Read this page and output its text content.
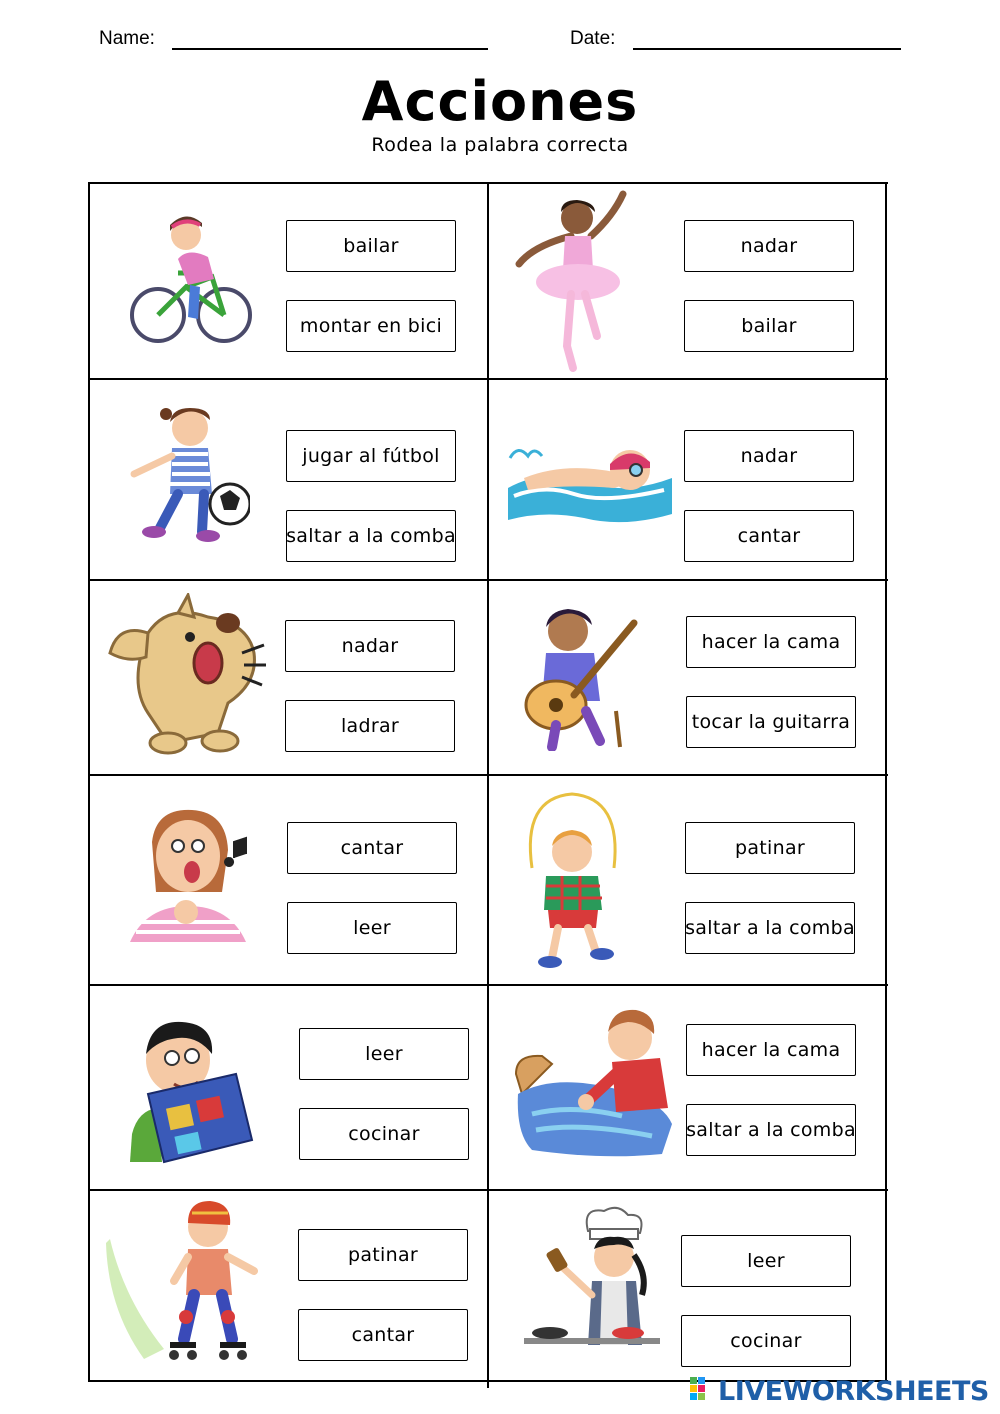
Name:	Date:
Acciones
Rodea la palabra correcta
bailar
montar en bici
nadar
bailar
jugar al fútbol
saltar a la comba
nadar
cantar
nadar
ladrar
hacer la cama
tocar la guitarra
cantar
leer
patinar
saltar a la comba
leer
cocinar
hacer la cama
saltar a la comba
patinar
cantar
leer
cocinar
LIVEWORKSHEETS
